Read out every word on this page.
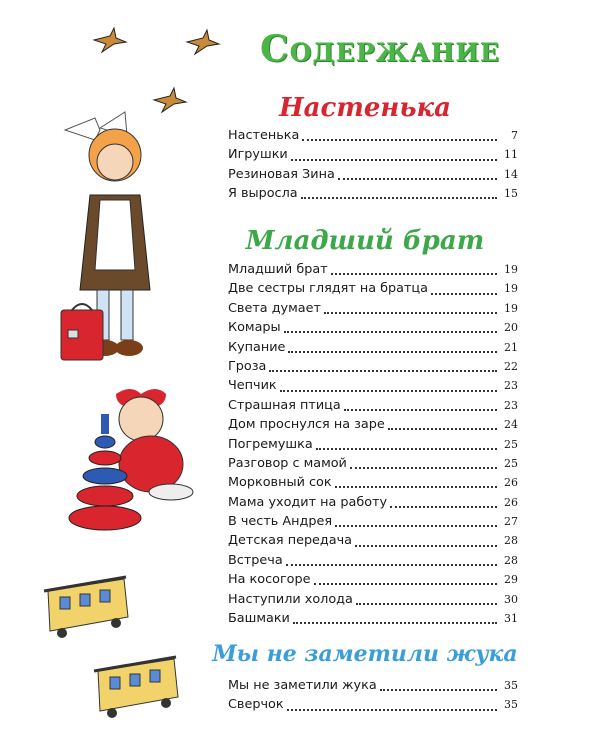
Содержание
Настенька
Настенька	7
Игрушки	11
Резиновая Зина	14
Я выросла	15
Младший брат
Младший брат	19
Две сестры глядят на братца	19
Света думает	19
Комары	20
Купание	21
Гроза	22
Чепчик	23
Страшная птица	23
Дом проснулся на заре	24
Погремушка	25
Разговор с мамой	25
Морковный сок	26
Мама уходит на работу	26
В честь Андрея	27
Детская передача	28
Встреча	28
На косогоре	29
Наступили холода	30
Башмаки	31
Мы не заметили жука
Мы не заметили жука	35
Сверчок	35
